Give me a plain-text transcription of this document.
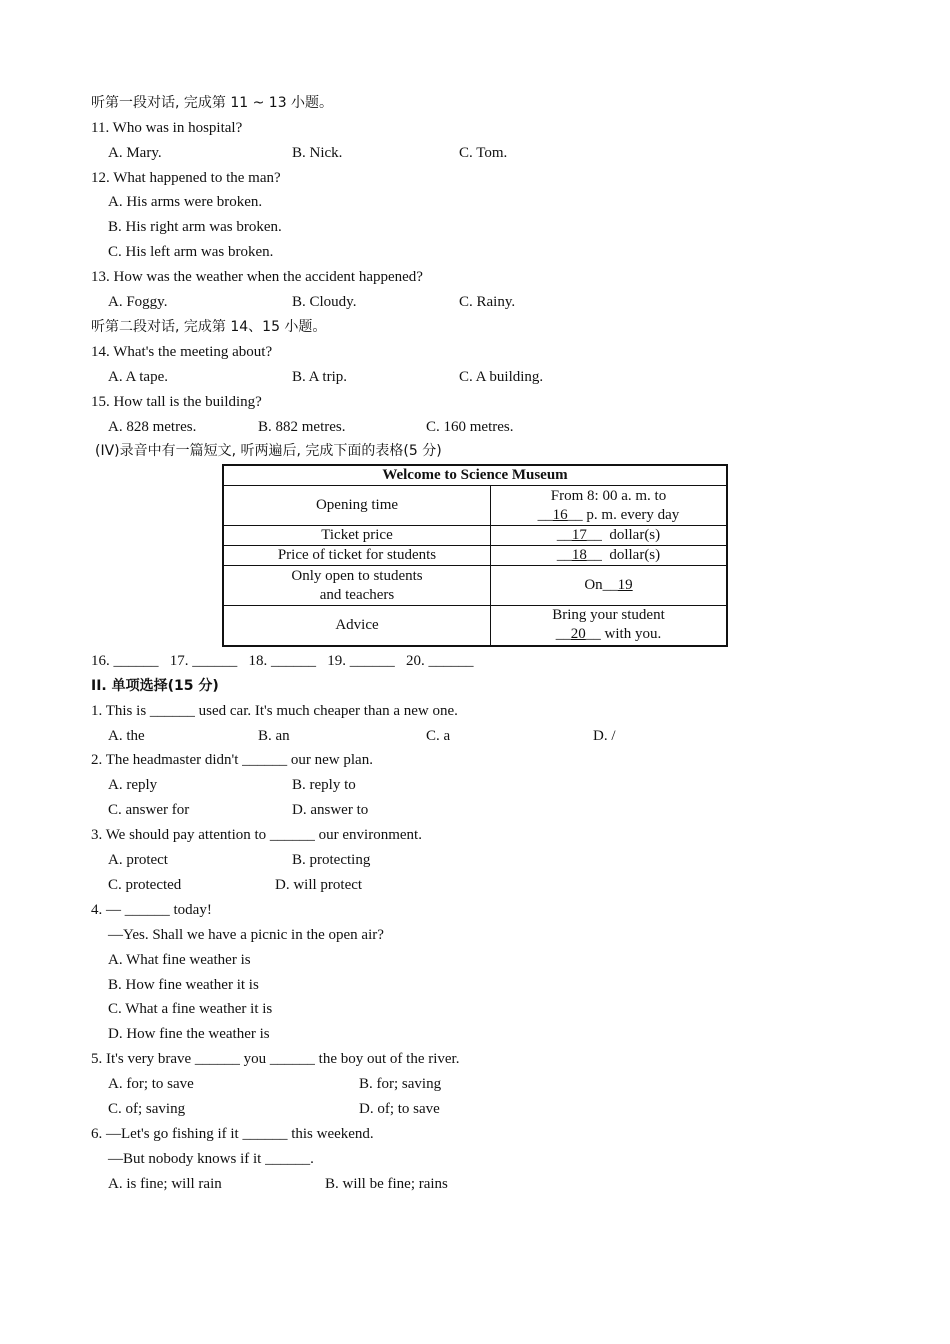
听第一段对话, 完成第 11 ~ 13 小题。
11. Who was in hospital?
A. Mary.	B. Nick.	C. Tom.
12. What happened to the man?
A. His arms were broken.
B. His right arm was broken.
C. His left arm was broken.
13. How was the weather when the accident happened?
A. Foggy.	B. Cloudy.	C. Rainy.
听第二段对话, 完成第 14、15 小题。
14. What's the meeting about?
A. A tape.	B. A trip.	C. A building.
15. How tall is the building?
A. 828 metres.	B. 882 metres.	C. 160 metres.
(IV)录音中有一篇短文, 听两遍后, 完成下面的表格(5 分)
Welcome to Science Museum	
Opening time	From 8: 00 a. m. to
__16__ p. m. every day
Ticket price	__17__  dollar(s)
Price of ticket for students	__18__  dollar(s)
Only open to students
and teachers	On__19
Advice	Bring your student
__20__ with you.
16. ______   17. ______   18. ______   19. ______   20. ______
II. 单项选择(15 分)
1. This is ______ used car. It's much cheaper than a new one.
A. the	B. an	C. a	D. /
2. The headmaster didn't ______ our new plan.
A. reply	B. reply to
C. answer for	D. answer to
3. We should pay attention to ______ our environment.
A. protect	B. protecting
C. protected	D. will protect
4. — ______ today!
—Yes. Shall we have a picnic in the open air?
A. What fine weather is
B. How fine weather it is
C. What a fine weather it is
D. How fine the weather is
5. It's very brave ______ you ______ the boy out of the river.
A. for; to save	B. for; saving
C. of; saving	D. of; to save
6. —Let's go fishing if it ______ this weekend.
—But nobody knows if it ______.
A. is fine; will rain	B. will be fine; rains
